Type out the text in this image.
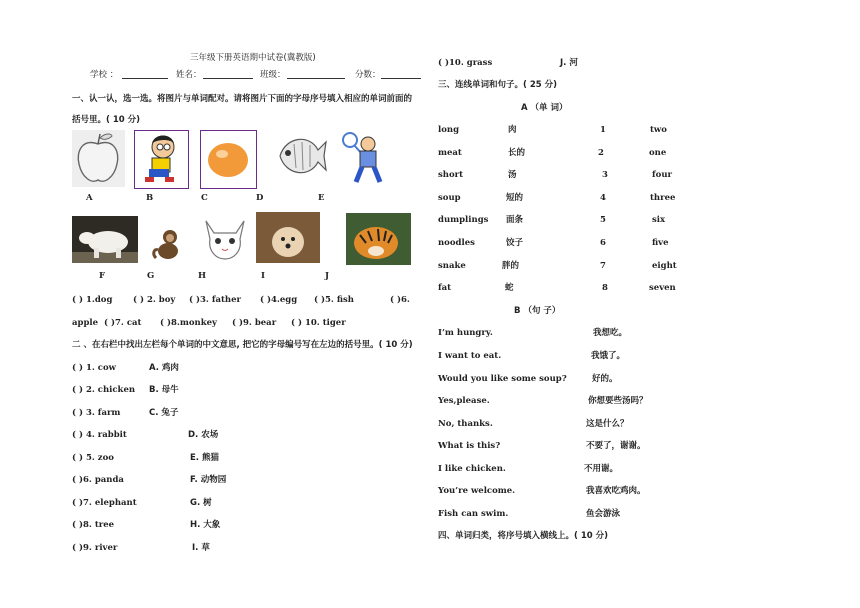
三年级下册英语期中试卷(冀教版)
学校 ：	姓名：	班级：	分数：
一、认一认，选一选。将图片与单词配对。请将图片下面的字母序号填入相应的单词前面的
括号里。( 10 分)
A	B	C	D	E
F	G	H	I	J
( ) 1.dog ( ) 2. boy ( )3. father ( )4.egg ( )5. fish	( )6.
apple ( )7. cat ( )8.monkey ( )9. bear ( ) 10. tiger
二 、在右栏中找出左栏每个单词的中文意思, 把它的字母编号写在左边的括号里。( 10 分)
( ) 1. cow	A. 鸡肉
( ) 2. chicken B. 母牛
( ) 3. farm	C. 兔子
( ) 4. rabbit	D. 农场
( ) 5. zoo	E. 熊猫
( )6. panda	F. 动物园
( )7. elephant	G. 树
( )8. tree	H. 大象
( )9. river	I. 草
( )10. grass	J. 河
三、连线单词和句子。( 25 分)
A （单 词）
long	肉	1	two
meat	长的	2	one
short	汤	3	four
soup	短的	4	three
dumplings 面条	5	six
noodles	饺子	6	five
snake	胖的	7	eight
fat	蛇	8	seven
B （句 子）
I’m hungry.	我想吃。
I want to eat.	我饿了。
Would you like some soup?	好的。
Yes,please.	你想要些汤吗？
No, thanks.	这是什么？
What is this?	不要了，谢谢。
I like chicken.	不用谢。
You’re welcome.	我喜欢吃鸡肉。
Fish can swim.	鱼会游泳
四、单词归类，将序号填入横线上。( 10 分)
